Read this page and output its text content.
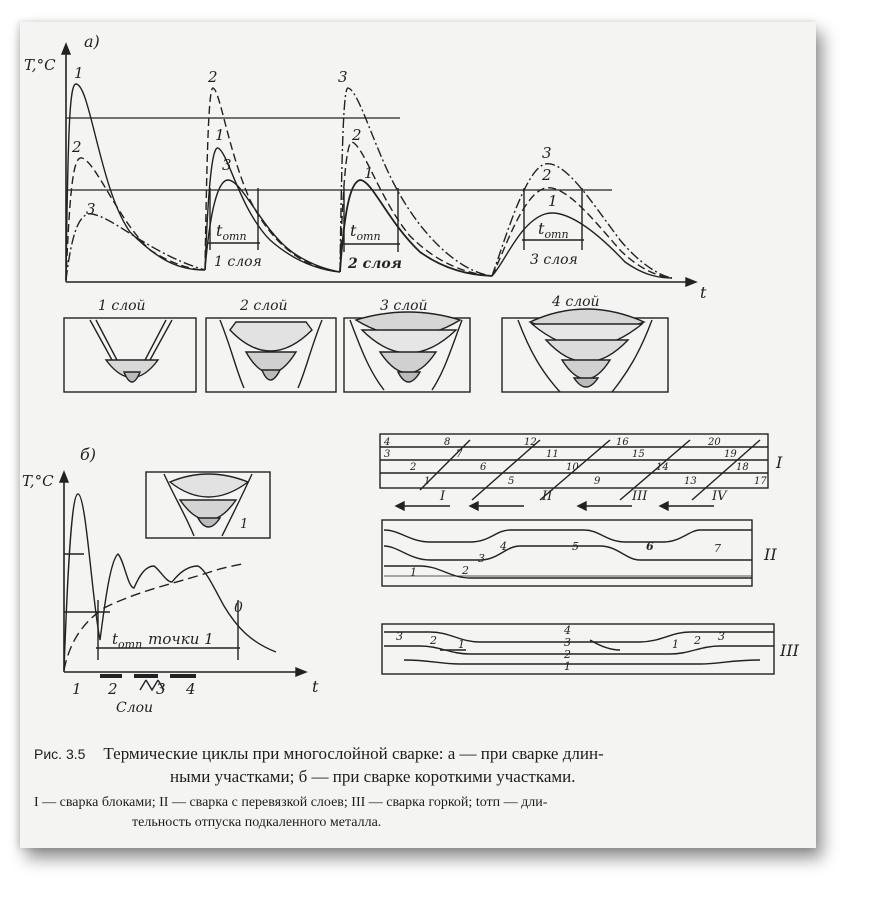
а)
T,°C
t
1
2
3
2
1
3
3
2
1
3
2
1
$t_{отп}$	$t_{отп}$	$t_{отп}$
1 слоя	2 слоя	3 слоя
1 слой	2 слой	3 слой	4 слой
б)
T,°C
t
0
$t_{отп}$ точки 1
1 2	3 4
Слои
1
I
I	II	III	IV
4
3
2
1
8
7
6
5
12
11
10
9
16
15
14
13
20
19
18
17
II
1	2
3
4	5	6	7
III
3 2 1
4
3
2
1
1 2 3
Рис. 3.5 Термические циклы при многослойной сварке: а — при сварке длин-
ными участками; б — при сварке короткими участками.
I — сварка блоками; II — сварка с перевязкой слоев; III — сварка горкой; tотп — дли-
тельность отпуска подкаленного металла.
